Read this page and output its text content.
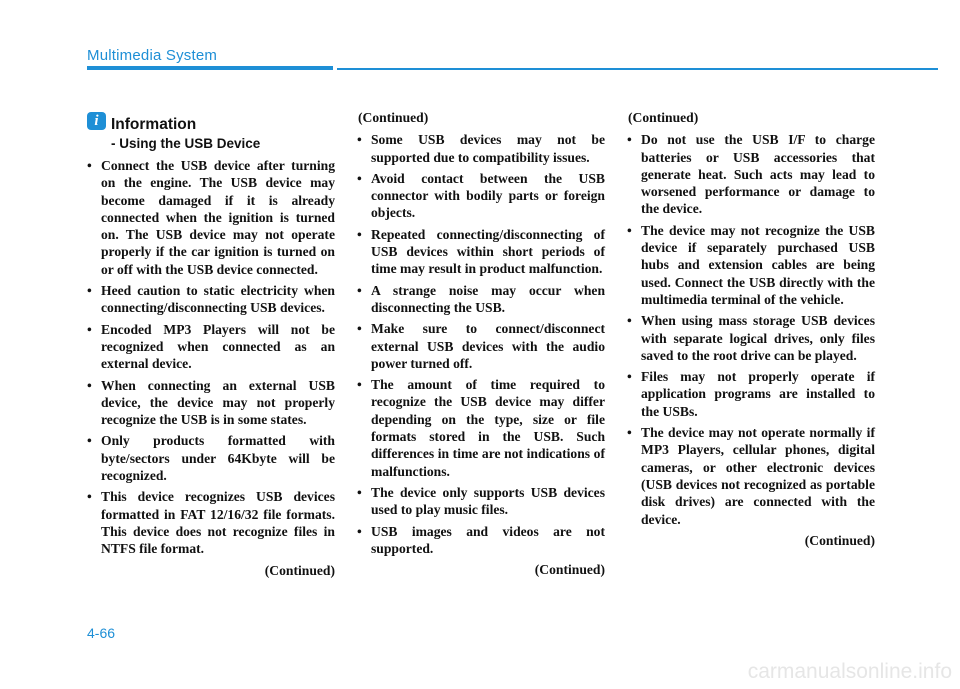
Multimedia System
i Information
- Using the USB Device
• Connect the USB device after turning on the engine. The USB device may become damaged if it is already connected when the ignition is turned on. The USB device may not operate properly if the car ignition is turned on or off with the USB device connected.
• Heed caution to static electricity when connecting/disconnecting USB devices.
• Encoded MP3 Players will not be recognized when connected as an external device.
• When connecting an external USB device, the device may not properly recognize the USB is in some states.
• Only products formatted with byte/sectors under 64Kbyte will be recognized.
• This device recognizes USB devices formatted in FAT 12/16/32 file formats. This device does not recognize files in NTFS file format.
(Continued)
(Continued)
• Some USB devices may not be supported due to compatibility issues.
• Avoid contact between the USB connector with bodily parts or foreign objects.
• Repeated connecting/disconnecting of USB devices within short periods of time may result in product malfunction.
• A strange noise may occur when disconnecting the USB.
• Make sure to connect/disconnect external USB devices with the audio power turned off.
• The amount of time required to recognize the USB device may differ depending on the type, size or file formats stored in the USB. Such differences in time are not indications of malfunctions.
• The device only supports USB devices used to play music files.
• USB images and videos are not supported.
(Continued)
(Continued)
• Do not use the USB I/F to charge batteries or USB accessories that generate heat. Such acts may lead to worsened performance or damage to the device.
• The device may not recognize the USB device if separately purchased USB hubs and extension cables are being used. Connect the USB directly with the multimedia terminal of the vehicle.
• When using mass storage USB devices with separate logical drives, only files saved to the root drive can be played.
• Files may not properly operate if application programs are installed to the USBs.
• The device may not operate normally if MP3 Players, cellular phones, digital cameras, or other electronic devices (USB devices not recognized as portable disk drives) are connected with the device.
(Continued)
4-66
carmanualsonline.info
